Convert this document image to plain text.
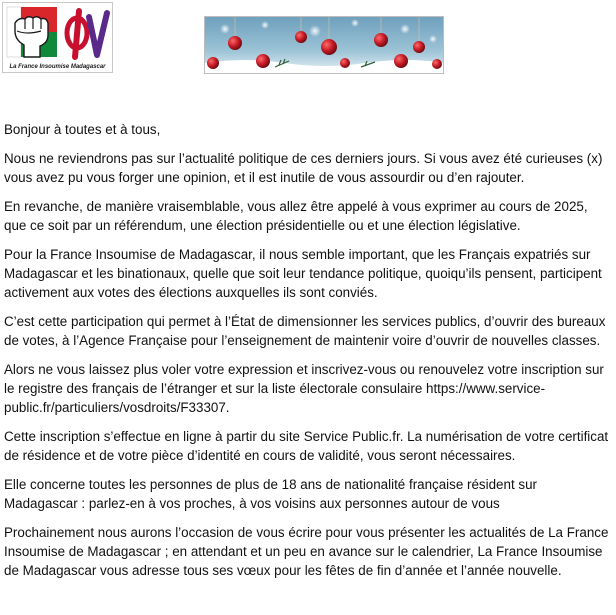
La France Insoumise Madagascar

Bonjour à toutes et à tous,

Nous ne reviendrons pas sur l’actualité politique de ces derniers jours. Si vous avez été curieuses (x) vous avez pu vous forger une opinion, et il est inutile de vous assourdir ou d’en rajouter.

En revanche, de manière vraisemblable, vous allez être appelé à vous exprimer au cours de 2025, que ce soit par un référendum, une élection présidentielle ou et une élection législative.

Pour la France Insoumise de Madagascar, il nous semble important, que les Français expatriés sur Madagascar et les binationaux, quelle que soit leur tendance politique, quoiqu’ils pensent, participent activement aux votes des élections auxquelles ils sont conviés.

C’est cette participation qui permet à l’État de dimensionner les services publics, d’ouvrir des bureaux de votes, à l’Agence Française pour l’enseignement de maintenir voire d’ouvrir de nouvelles classes.

Alors ne vous laissez plus voler votre expression et inscrivez-vous ou renouvelez votre inscription sur le registre des français de l’étranger et sur la liste électorale consulaire https://www.service-public.fr/particuliers/vosdroits/F33307.

Cette inscription s’effectue en ligne à partir du site Service Public.fr. La numérisation de votre certificat de résidence et de votre pièce d’identité en cours de validité, vous seront nécessaires.

Elle concerne toutes les personnes de plus de 18 ans de nationalité française résident sur Madagascar : parlez-en à vos proches, à vos voisins aux personnes autour de vous

Prochainement nous aurons l’occasion de vous écrire pour vous présenter les actualités de La France Insoumise de Madagascar ; en attendant et un peu en avance sur le calendrier, La France Insoumise de Madagascar vous adresse tous ses vœux pour les fêtes de fin d’année et l’année nouvelle.
